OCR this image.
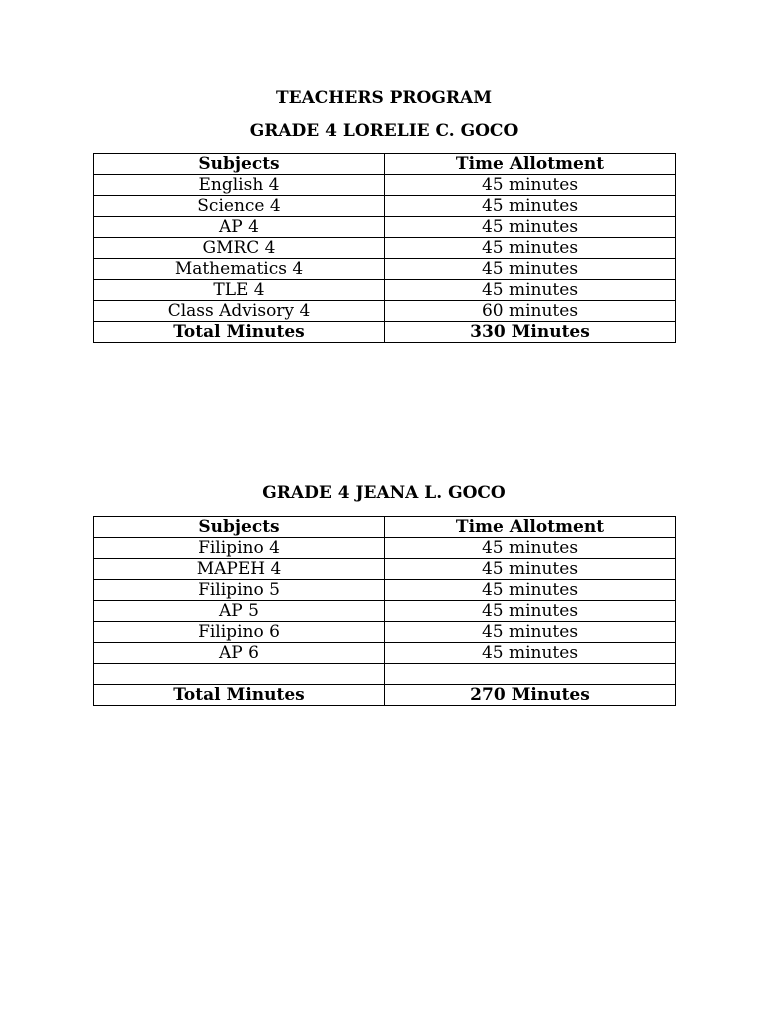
TEACHERS PROGRAM
GRADE 4 LORELIE C. GOCO
Subjects	Time Allotment
English 4	45 minutes
Science 4	45 minutes
AP 4	45 minutes
GMRC 4	45 minutes
Mathematics 4	45 minutes
TLE 4	45 minutes
Class Advisory 4	60 minutes
Total Minutes	330 Minutes
GRADE 4 JEANA L. GOCO
Subjects	Time Allotment
Filipino 4	45 minutes
MAPEH 4	45 minutes
Filipino 5	45 minutes
AP 5	45 minutes
Filipino 6	45 minutes
AP 6	45 minutes

Total Minutes	270 Minutes
